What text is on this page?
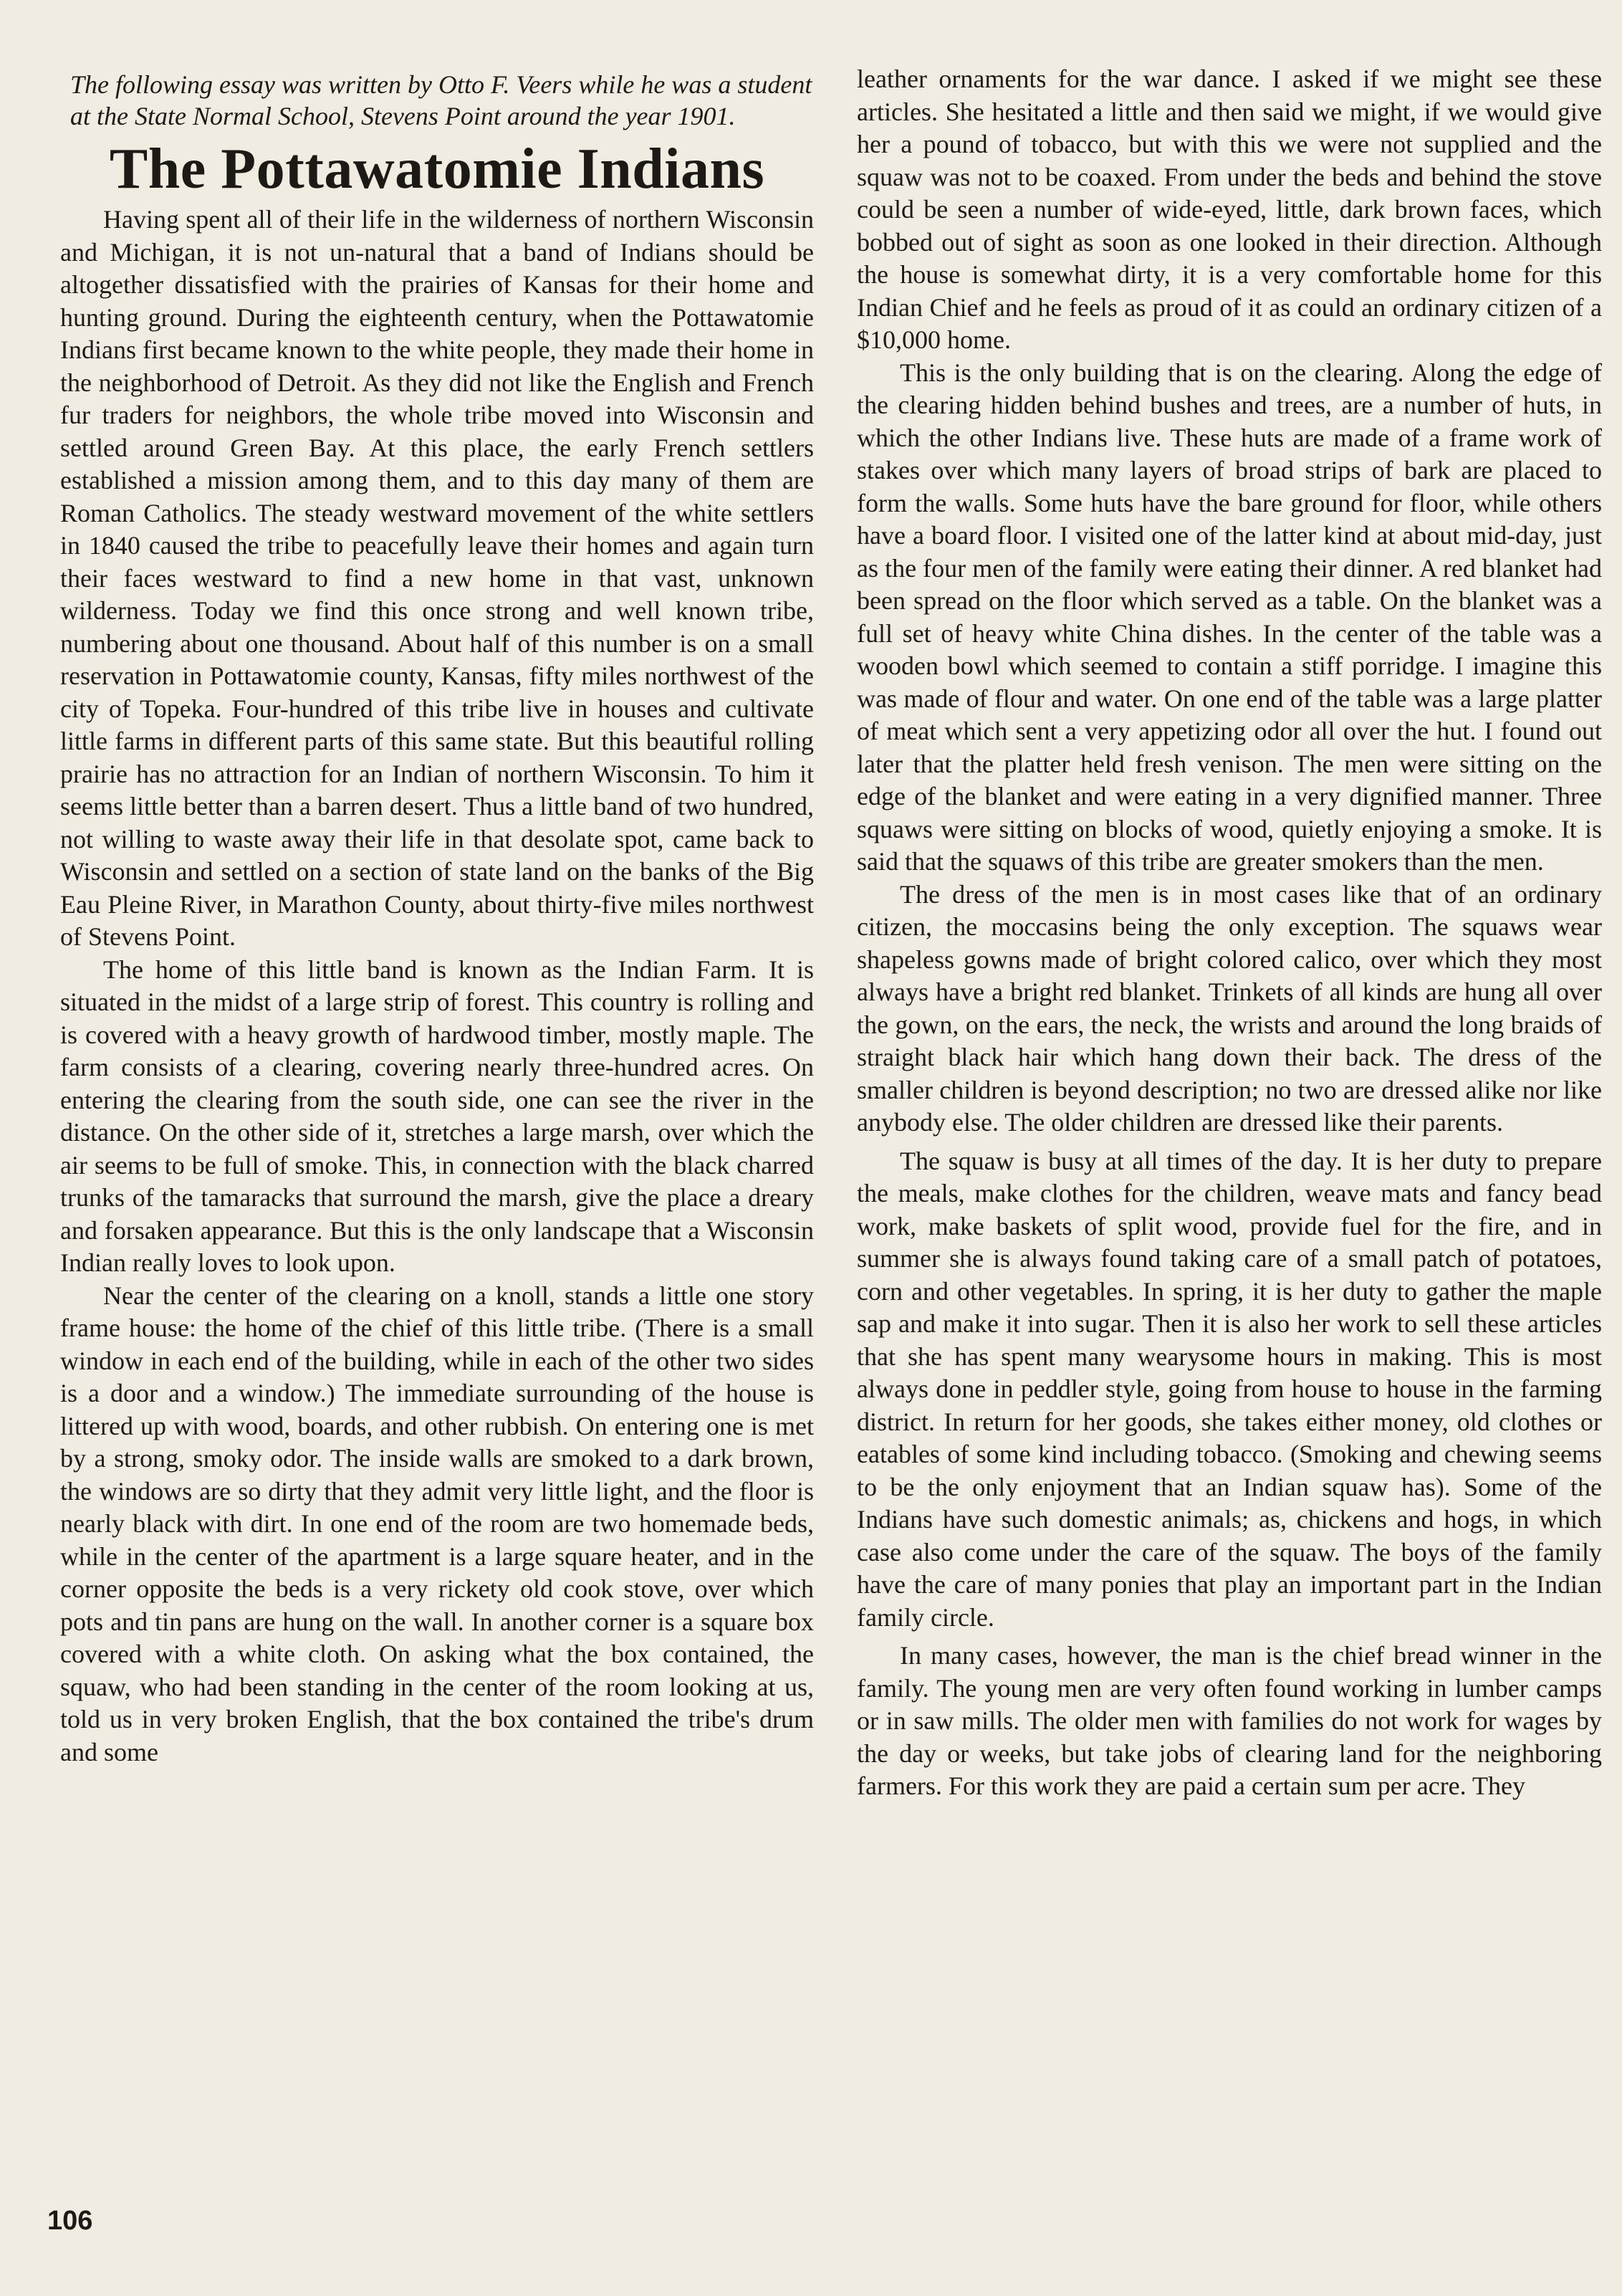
The following essay was written by Otto F. Veers while he was a student at the State Normal School, Stevens Point around the year 1901.
The Pottawatomie Indians

Having spent all of their life in the wilderness of northern Wisconsin and Michigan, it is not un-natural that a band of Indians should be altogether dissatisfied with the prairies of Kansas for their home and hunting ground. During the eighteenth century, when the Pottawatomie Indians first became known to the white people, they made their home in the neighborhood of Detroit. As they did not like the English and French fur traders for neighbors, the whole tribe moved into Wisconsin and settled around Green Bay. At this place, the early French settlers established a mission among them, and to this day many of them are Roman Catholics. The steady westward movement of the white settlers in 1840 caused the tribe to peacefully leave their homes and again turn their faces westward to find a new home in that vast, unknown wilderness. Today we find this once strong and well known tribe, numbering about one thousand. About half of this number is on a small reservation in Pottawatomie county, Kansas, fifty miles northwest of the city of Topeka. Four-hundred of this tribe live in houses and cultivate little farms in different parts of this same state. But this beautiful rolling prairie has no attraction for an Indian of northern Wisconsin. To him it seems little better than a barren desert. Thus a little band of two hundred, not willing to waste away their life in that desolate spot, came back to Wisconsin and settled on a section of state land on the banks of the Big Eau Pleine River, in Marathon County, about thirty-five miles northwest of Stevens Point.

The home of this little band is known as the Indian Farm. It is situated in the midst of a large strip of forest. This country is rolling and is covered with a heavy growth of hardwood timber, mostly maple. The farm consists of a clearing, covering nearly three-hundred acres. On entering the clearing from the south side, one can see the river in the distance. On the other side of it, stretches a large marsh, over which the air seems to be full of smoke. This, in connection with the black charred trunks of the tamaracks that surround the marsh, give the place a dreary and forsaken appearance. But this is the only landscape that a Wisconsin Indian really loves to look upon.

Near the center of the clearing on a knoll, stands a little one story frame house: the home of the chief of this little tribe. (There is a small window in each end of the building, while in each of the other two sides is a door and a window.) The immediate surrounding of the house is littered up with wood, boards, and other rubbish. On entering one is met by a strong, smoky odor. The inside walls are smoked to a dark brown, the windows are so dirty that they admit very little light, and the floor is nearly black with dirt. In one end of the room are two homemade beds, while in the center of the apartment is a large square heater, and in the corner opposite the beds is a very rickety old cook stove, over which pots and tin pans are hung on the wall. In another corner is a square box covered with a white cloth. On asking what the box contained, the squaw, who had been standing in the center of the room looking at us, told us in very broken English, that the box contained the tribe's drum and some

leather ornaments for the war dance. I asked if we might see these articles. She hesitated a little and then said we might, if we would give her a pound of tobacco, but with this we were not supplied and the squaw was not to be coaxed. From under the beds and behind the stove could be seen a number of wide-eyed, little, dark brown faces, which bobbed out of sight as soon as one looked in their direction. Although the house is somewhat dirty, it is a very comfortable home for this Indian Chief and he feels as proud of it as could an ordinary citizen of a $10,000 home.

This is the only building that is on the clearing. Along the edge of the clearing hidden behind bushes and trees, are a number of huts, in which the other Indians live. These huts are made of a frame work of stakes over which many layers of broad strips of bark are placed to form the walls. Some huts have the bare ground for floor, while others have a board floor. I visited one of the latter kind at about mid-day, just as the four men of the family were eating their dinner. A red blanket had been spread on the floor which served as a table. On the blanket was a full set of heavy white China dishes. In the center of the table was a wooden bowl which seemed to contain a stiff porridge. I imagine this was made of flour and water. On one end of the table was a large platter of meat which sent a very appetizing odor all over the hut. I found out later that the platter held fresh venison. The men were sitting on the edge of the blanket and were eating in a very dignified manner. Three squaws were sitting on blocks of wood, quietly enjoying a smoke. It is said that the squaws of this tribe are greater smokers than the men.

The dress of the men is in most cases like that of an ordinary citizen, the moccasins being the only exception. The squaws wear shapeless gowns made of bright colored calico, over which they most always have a bright red blanket. Trinkets of all kinds are hung all over the gown, on the ears, the neck, the wrists and around the long braids of straight black hair which hang down their back. The dress of the smaller children is beyond description; no two are dressed alike nor like anybody else. The older children are dressed like their parents.

The squaw is busy at all times of the day. It is her duty to prepare the meals, make clothes for the children, weave mats and fancy bead work, make baskets of split wood, provide fuel for the fire, and in summer she is always found taking care of a small patch of potatoes, corn and other vegetables. In spring, it is her duty to gather the maple sap and make it into sugar. Then it is also her work to sell these articles that she has spent many wearysome hours in making. This is most always done in peddler style, going from house to house in the farming district. In return for her goods, she takes either money, old clothes or eatables of some kind including tobacco. (Smoking and chewing seems to be the only enjoyment that an Indian squaw has). Some of the Indians have such domestic animals; as, chickens and hogs, in which case also come under the care of the squaw. The boys of the family have the care of many ponies that play an important part in the Indian family circle.

In many cases, however, the man is the chief bread winner in the family. The young men are very often found working in lumber camps or in saw mills. The older men with families do not work for wages by the day or weeks, but take jobs of clearing land for the neighboring farmers. For this work they are paid a certain sum per acre. They

106
